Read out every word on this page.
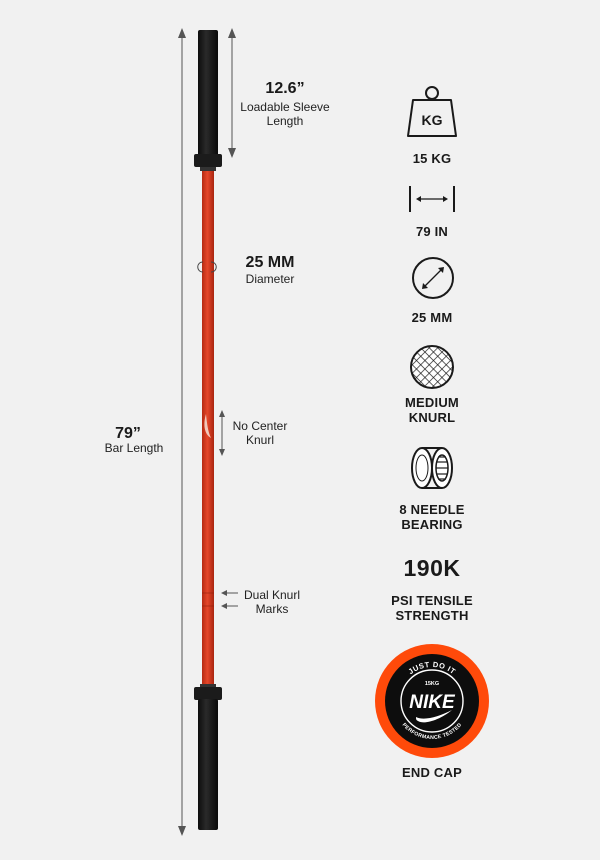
12.6”
Loadable Sleeve Length
25 MM
Diameter
No Center Knurl
79”
Bar Length
Dual Knurl Marks
KG
15 KG
79 IN
25 MM
MEDIUM
KNURL
8 NEEDLE
BEARING
190K
PSI TENSILE
STRENGTH
JUST DO IT
15KG
NIKE
PERFORMANCE TESTED
END CAP
